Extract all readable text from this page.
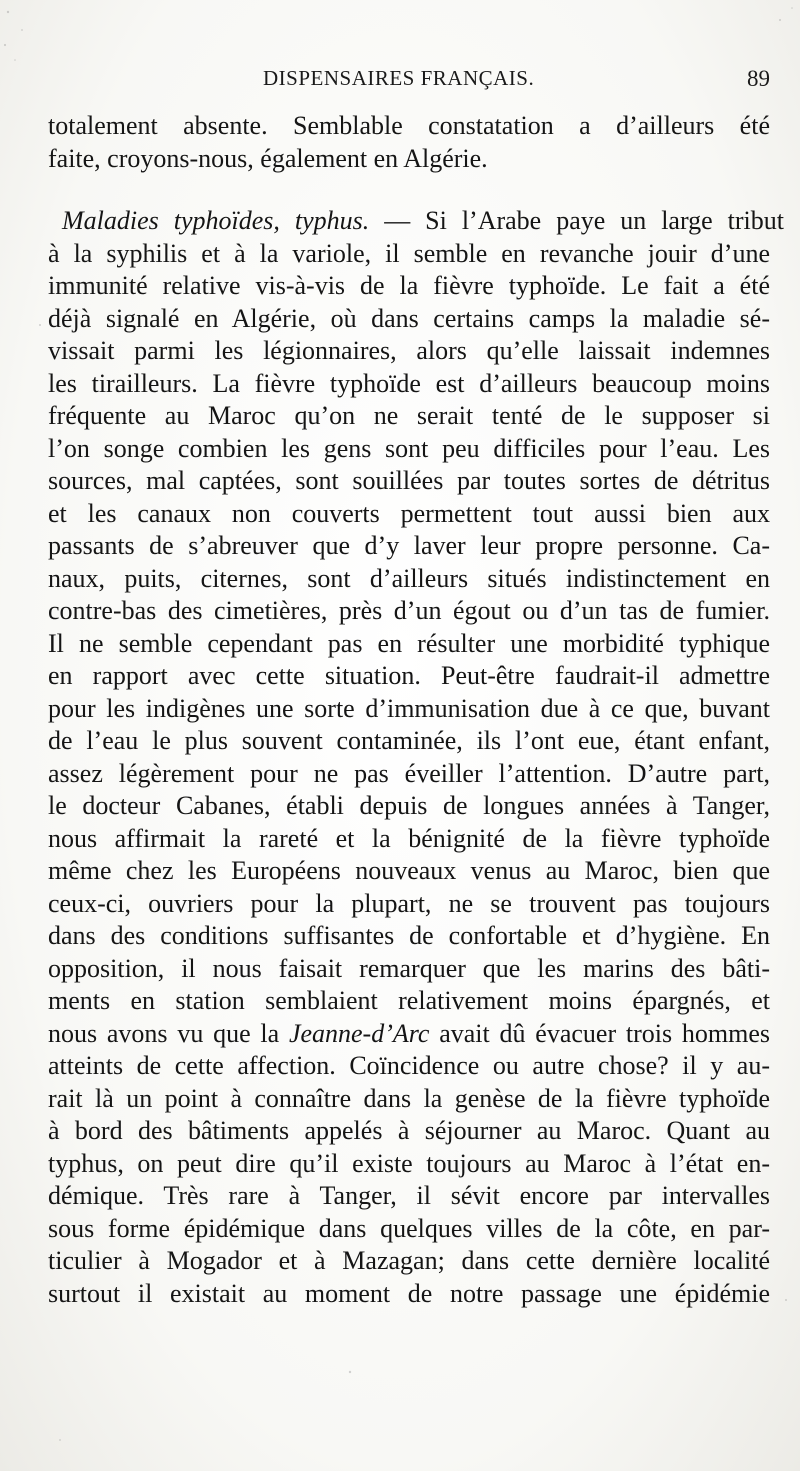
DISPENSAIRES FRANÇAIS.	89
totalement absente. Semblable constatation a d’ailleurs été
faite, croyons-nous, également en Algérie.
Maladies typhoïdes, typhus. — Si l’Arabe paye un large tribut
à la syphilis et à la variole, il semble en revanche jouir d’une
immunité relative vis-à-vis de la fièvre typhoïde. Le fait a été
déjà signalé en Algérie, où dans certains camps la maladie sé-
vissait parmi les légionnaires, alors qu’elle laissait indemnes
les tirailleurs. La fièvre typhoïde est d’ailleurs beaucoup moins
fréquente au Maroc qu’on ne serait tenté de le supposer si
l’on songe combien les gens sont peu difficiles pour l’eau. Les
sources, mal captées, sont souillées par toutes sortes de détritus
et les canaux non couverts permettent tout aussi bien aux
passants de s’abreuver que d’y laver leur propre personne. Ca-
naux, puits, citernes, sont d’ailleurs situés indistinctement en
contre-bas des cimetières, près d’un égout ou d’un tas de fumier.
Il ne semble cependant pas en résulter une morbidité typhique
en rapport avec cette situation. Peut-être faudrait-il admettre
pour les indigènes une sorte d’immunisation due à ce que, buvant
de l’eau le plus souvent contaminée, ils l’ont eue, étant enfant,
assez légèrement pour ne pas éveiller l’attention. D’autre part,
le docteur Cabanes, établi depuis de longues années à Tanger,
nous affirmait la rareté et la bénignité de la fièvre typhoïde
même chez les Européens nouveaux venus au Maroc, bien que
ceux-ci, ouvriers pour la plupart, ne se trouvent pas toujours
dans des conditions suffisantes de confortable et d’hygiène. En
opposition, il nous faisait remarquer que les marins des bâti-
ments en station semblaient relativement moins épargnés, et
nous avons vu que la Jeanne-d’Arc avait dû évacuer trois hommes
atteints de cette affection. Coïncidence ou autre chose? il y au-
rait là un point à connaître dans la genèse de la fièvre typhoïde
à bord des bâtiments appelés à séjourner au Maroc. Quant au
typhus, on peut dire qu’il existe toujours au Maroc à l’état en-
démique. Très rare à Tanger, il sévit encore par intervalles
sous forme épidémique dans quelques villes de la côte, en par-
ticulier à Mogador et à Mazagan; dans cette dernière localité
surtout il existait au moment de notre passage une épidémie
